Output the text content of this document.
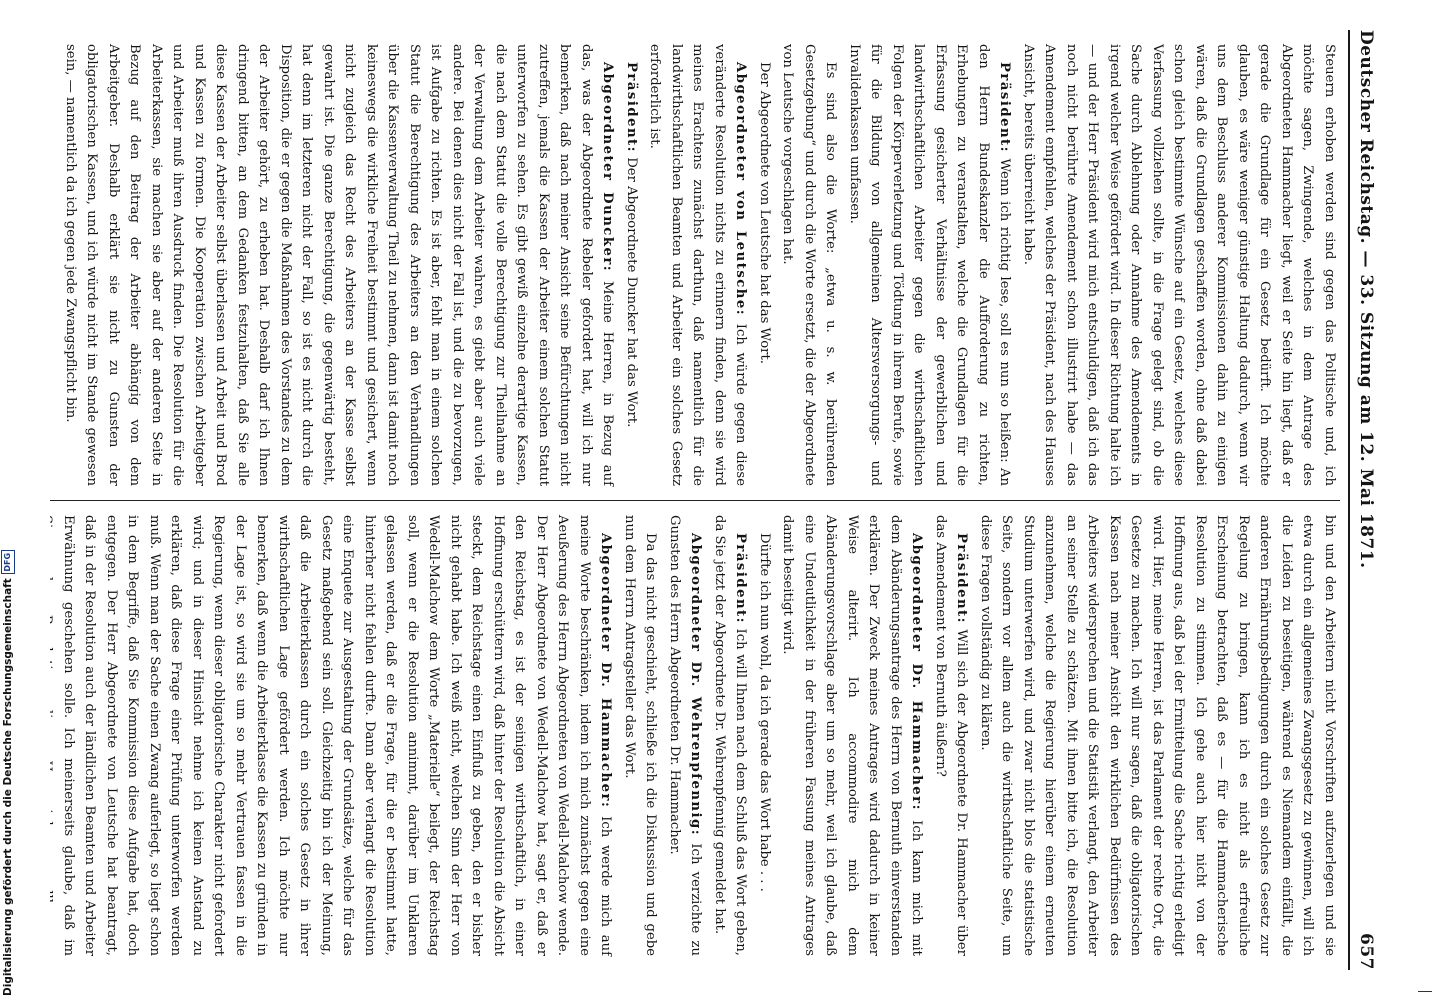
Deutscher Reichstag. — 33. Sitzung am 12. Mai 1871.
657

Steuern erhoben werden sind gegen das Politische und, ich möchte sagen, Zwingende, welches in dem Antrage des Abgeordneten Hammacher liegt, weil er Seite hin liegt, daß er gerade die Grundlage für ein Gesetz bedürft. Ich möchte glauben, es wäre weniger günstige Haltung dadurch, wenn wir uns dem Beschluss anderer Kommissionen dahin zu einigen wären, daß die Grundlagen geschaffen worden, ohne daß dabei schon gleich bestimmte Wünsche auf ein Gesetz, welches diese Verfassung vollziehen sollte, in die Frage gelegt sind, ob die Sache durch Ablehnung oder Annahme des Amendements in irgend welcher Weise gefördert wird. In dieser Richtung halte ich — und der Herr Präsident wird mich entschuldigen, daß ich das noch nicht berührte Amendement schon illustrirt habe — das Amendement empfehlen, welches der Präsident, nach des Hauses Ansicht, bereits überreicht habe.

Präsident: Wenn ich richtig lese, soll es nun so heißen: An den Herrn Bundeskanzler die Aufforderung zu richten, Erhebungen zu veranstalten, welche die Grundlagen für die Erfassung gesicherter Verhältnisse der gewerblichen und landwirthschaftlichen Arbeiter gegen die wirthschaftlichen Folgen der Körperverletzung und Tödtung in ihrem Berufe, sowie für die Bildung von allgemeinen Altersversorgungs- und Invalidenkassen umfassen.

Es sind also die Worte: „etwa u. s. w. berührenden Gesetzgebung“ und durch die Worte ersetzt, die der Abgeordnete von Leutsche vorgeschlagen hat.

Der Abgeordnete von Leutsche hat das Wort.

Abgeordneter von Leutsche: Ich würde gegen diese veränderte Resolution nichts zu erinnern finden, denn sie wird meines Erachtens zunächst darthun, daß namentlich für die landwirthschaftlichen Beamten und Arbeiter ein solches Gesetz erforderlich ist.

Präsident: Der Abgeordnete Duncker hat das Wort.

Abgeordneter Duncker: Meine Herren, in Bezug auf das, was der Abgeordnete Rebeler gefordert hat, will ich nur bemerken, daß nach meiner Ansicht seine Befürchtungen nicht zutreffen, jemals die Kassen der Arbeiter einem solchen Statut unterworfen zu sehen. Es gibt gewiß einzelne derartige Kassen, die nach dem Statut die volle Berechtigung zur Theilnahme an der Verwaltung dem Arbeiter wahren, es giebt aber auch viele andere. Bei denen dies nicht der Fall ist, und die zu bevorzugen, ist Aufgabe zu richten. Es ist aber, fehlt man in einem solchen Statut die Berechtigung des Arbeiters an den Verhandlungen über die Kassenverwaltung Theil zu nehmen, dann ist damit noch keineswegs die wirkliche Freiheit bestimmt und gesichert, wenn nicht zugleich das Recht des Arbeiters an der Kasse selbst gewahrt ist. Die ganze Berechtigung, die gegenwärtig besteht, hat denn im letzteren nicht der Fall, so ist es nicht durch die Disposition, die er gegen die Maßnahmen des Vorstandes zu dem der Arbeiter gehört, zu erheben hat. Deshalb darf ich Ihnen dringend bitten, an dem Gedanken festzuhalten, daß Sie alle diese Kassen der Arbeiter selbst überlassen und Arbeit und Brod und Kassen zu formen. Die Kooperation zwischen Arbeitgeber und Arbeiter muß ihren Ausdruck finden. Die Resolution für die Arbeiterkassen, sie machen sie aber auf der anderen Seite in Bezug auf den Beitrag der Arbeiter abhängig von dem Arbeitgeber. Deshalb erklärt sie nicht zu Gunsten der obligatorischen Kassen, und ich würde nicht im Stande gewesen sein, — namentlich da ich gegen jede Zwangspflicht bin.

bin und den Arbeitern nicht Vorschriften aufzuerlegen und sie etwa durch ein allgemeines Zwangsgesetz zu gewinnen, will ich die Leiden zu beseitigen, während es Niemandem einfällt, die anderen Ernährungsbedingungen durch ein solches Gesetz zur Regelung zu bringen, kann ich es nicht als erfreuliche Erscheinung betrachten, daß es — für die Hammacherische Resolution zu stimmen. Ich gehe auch hier nicht von der Hoffnung aus, daß bei der Ermittelung die Sache richtig erledigt wird. Hier, meine Herren, ist das Parlament der rechte Ort, die Gesetze zu machen. Ich will nur sagen, daß die obligatorischen Kassen nach meiner Ansicht den wirklichen Bedürfnissen des Arbeiters widersprechen und die Statistik verlangt, den Arbeiter an seiner Stelle zu schätzen. Mit ihnen bitte ich, die Resolution anzunehmen, welche die Regierung hierüber einem erneuten Studium unterwerfen wird, und zwar nicht blos die statistische Seite, sondern vor allem auch die wirthschaftliche Seite, um diese Fragen vollständig zu klären.

Präsident: Will sich der Abgeordnete Dr. Hammacher über das Amendement von Bernuth äußern?

Abgeordneter Dr. Hammacher: Ich kann mich mit dem Abänderungsantrage des Herrn von Bernuth einverstanden erklären. Der Zweck meines Antrages wird dadurch in keiner Weise alterirt. Ich accommodire mich dem Abänderungsvorschlage aber um so mehr, weil ich glaube, daß eine Undeutlichkeit in der früheren Fassung meines Antrages damit beseitigt wird.

Dürfte ich nun wohl, da ich gerade das Wort habe . . .

Präsident: Ich will Ihnen nach dem Schluß das Wort geben, da Sie jetzt der Abgeordnete Dr. Wehrenpfennig gemeldet hat.

Abgeordneter Dr. Wehrenpfennig: Ich verzichte zu Gunsten des Herrn Abgeordneten Dr. Hammacher.

Da das nicht geschieht, schließe ich die Diskussion und gebe nun dem Herrn Antragsteller das Wort.

Abgeordneter Dr. Hammacher: Ich werde mich auf meine Worte beschränken, indem ich mich zunächst gegen eine Aeußerung des Herrn Abgeordneten von Wedell-Malchow wende. Der Herr Abgeordnete von Wedell-Malchow hat, sagt er, daß er den Reichstag, es ist der seinigen wirthschaftlich, in einer Hoffnung erschüttern wird, daß hinter der Resolution die Absicht steckt, dem Reichstage einen Einfluß zu geben, den er bisher nicht gehabt habe. Ich weiß nicht, welchen Sinn der Herr von Wedell-Malchow dem Worte „Materielle“ beilegt, der Reichstag soll, wenn er die Resolution annimmt, darüber im Unklaren gelassen werden, daß er die Frage, für die er bestimmt hatte, hinterher nicht fehlen durfte. Dann aber verlangt die Resolution eine Enquete zur Ausgestaltung der Grundsätze, welche für das Gesetz maßgebend sein soll. Gleichzeitig bin ich der Meinung, daß die Arbeiterklassen durch ein solches Gesetz in ihrer wirthschaftlichen Lage gefördert werden. Ich möchte nur bemerken, daß wenn die Arbeiterklasse die Kassen zu gründen in der Lage ist, so wird sie um so mehr Vertrauen fassen in die Regierung, wenn dieser obligatorische Charakter nicht gefordert wird; und in dieser Hinsicht nehme ich keinen Anstand zu erklären, daß diese Frage einer Prüfung unterworfen werden muß. Wenn man der Sache einen Zwang auferlegt, so liegt schon in dem Begriffe, daß Sie Kommission diese Aufgabe hat, doch entgegen. Der Herr Abgeordnete von Leutsche hat beantragt, daß in der Resolution auch der ländlichen Beamten und Arbeiter Erwähnung geschehen solle. Ich meinerseits glaube, daß im Sinne der Resolution diese Heranziehung vollkommen

Digitalisierung gefördert durch die Deutsche Forschungsgemeinschaft
DFG
